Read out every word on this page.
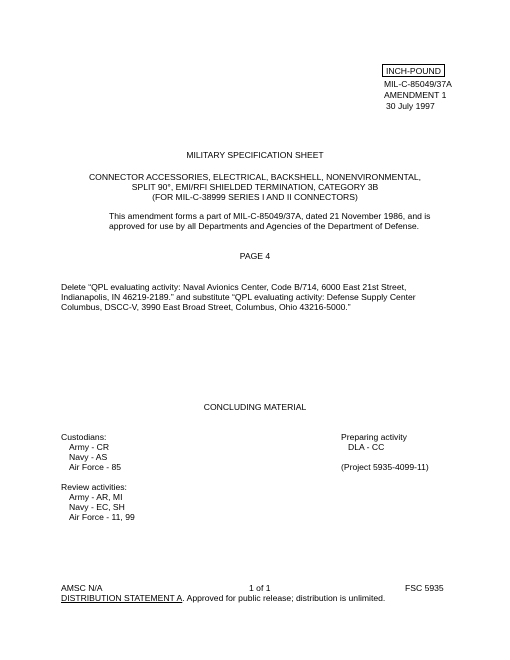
INCH-POUND
MIL-C-85049/37A
AMENDMENT 1
30 July 1997
MILITARY SPECIFICATION SHEET
CONNECTOR ACCESSORIES, ELECTRICAL, BACKSHELL, NONENVIRONMENTAL,
SPLIT 90°, EMI/RFI SHIELDED TERMINATION, CATEGORY 3B
(FOR MIL-C-38999 SERIES I AND II CONNECTORS)
This amendment forms a part of MIL-C-85049/37A, dated 21 November 1986, and is
approved for use by all Departments and Agencies of the Department of Defense.
PAGE 4
Delete “QPL evaluating activity: Naval Avionics Center, Code B/714, 6000 East 21st Street,
Indianapolis, IN 46219-2189.” and substitute “QPL evaluating activity: Defense Supply Center
Columbus, DSCC-V, 3990 East Broad Street, Columbus, Ohio 43216-5000.”
CONCLUDING MATERIAL
Custodians:
Army - CR
Navy - AS
Air Force - 85
Preparing activity
DLA - CC
(Project 5935-4099-11)
Review activities:
Army - AR, MI
Navy - EC, SH
Air Force - 11, 99
AMSC N/A	1 of 1	FSC 5935
DISTRIBUTION STATEMENT A. Approved for public release; distribution is unlimited.
